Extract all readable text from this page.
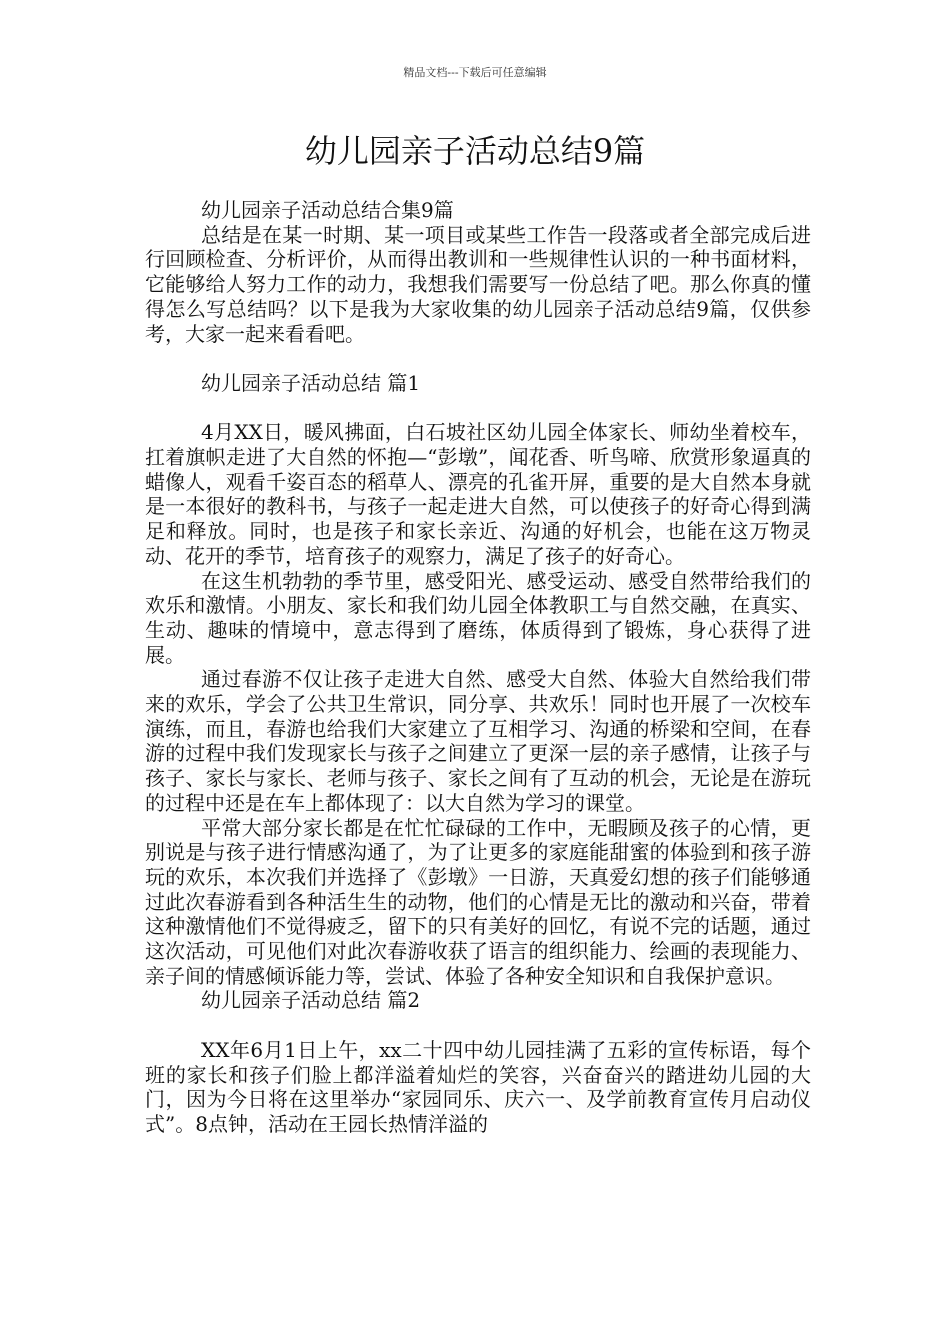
精品文档---下载后可任意编辑
幼儿园亲子活动总结9篇

幼儿园亲子活动总结合集9篇

总结是在某一时期、某一项目或某些工作告一段落或者全部完成后进行回顾检查、分析评价，从而得出教训和一些规律性认识的一种书面材料，它能够给人努力工作的动力，我想我们需要写一份总结了吧。那么你真的懂得怎么写总结吗？以下是我为大家收集的幼儿园亲子活动总结9篇，仅供参考，大家一起来看看吧。

幼儿园亲子活动总结 篇1

4月XX日，暖风拂面，白石坡社区幼儿园全体家长、师幼坐着校车，扛着旗帜走进了大自然的怀抱—“彭墩”，闻花香、听鸟啼、欣赏形象逼真的蜡像人，观看千姿百态的稻草人、漂亮的孔雀开屏，重要的是大自然本身就是一本很好的教科书，与孩子一起走进大自然，可以使孩子的好奇心得到满足和释放。同时，也是孩子和家长亲近、沟通的好机会，也能在这万物灵动、花开的季节，培育孩子的观察力，满足了孩子的好奇心。

在这生机勃勃的季节里，感受阳光、感受运动、感受自然带给我们的欢乐和激情。小朋友、家长和我们幼儿园全体教职工与自然交融，在真实、生动、趣味的情境中，意志得到了磨练，体质得到了锻炼，身心获得了进展。

通过春游不仅让孩子走进大自然、感受大自然、体验大自然给我们带来的欢乐，学会了公共卫生常识，同分享、共欢乐！同时也开展了一次校车演练，而且，春游也给我们大家建立了互相学习、沟通的桥梁和空间，在春游的过程中我们发现家长与孩子之间建立了更深一层的亲子感情，让孩子与孩子、家长与家长、老师与孩子、家长之间有了互动的机会，无论是在游玩的过程中还是在车上都体现了：以大自然为学习的课堂。

平常大部分家长都是在忙忙碌碌的工作中，无暇顾及孩子的心情，更别说是与孩子进行情感沟通了，为了让更多的家庭能甜蜜的体验到和孩子游玩的欢乐，本次我们并选择了《彭墩》一日游，天真爱幻想的孩子们能够通过此次春游看到各种活生生的动物，他们的心情是无比的激动和兴奋，带着这种激情他们不觉得疲乏，留下的只有美好的回忆，有说不完的话题，通过这次活动，可见他们对此次春游收获了语言的组织能力、绘画的表现能力、亲子间的情感倾诉能力等，尝试、体验了各种安全知识和自我保护意识。

幼儿园亲子活动总结 篇2

XX年6月1日上午，xx二十四中幼儿园挂满了五彩的宣传标语，每个班的家长和孩子们脸上都洋溢着灿烂的笑容，兴奋奋兴的踏进幼儿园的大门，因为今日将在这里举办“家园同乐、庆六一、及学前教育宣传月启动仪式”。8点钟，活动在王园长热情洋溢的
